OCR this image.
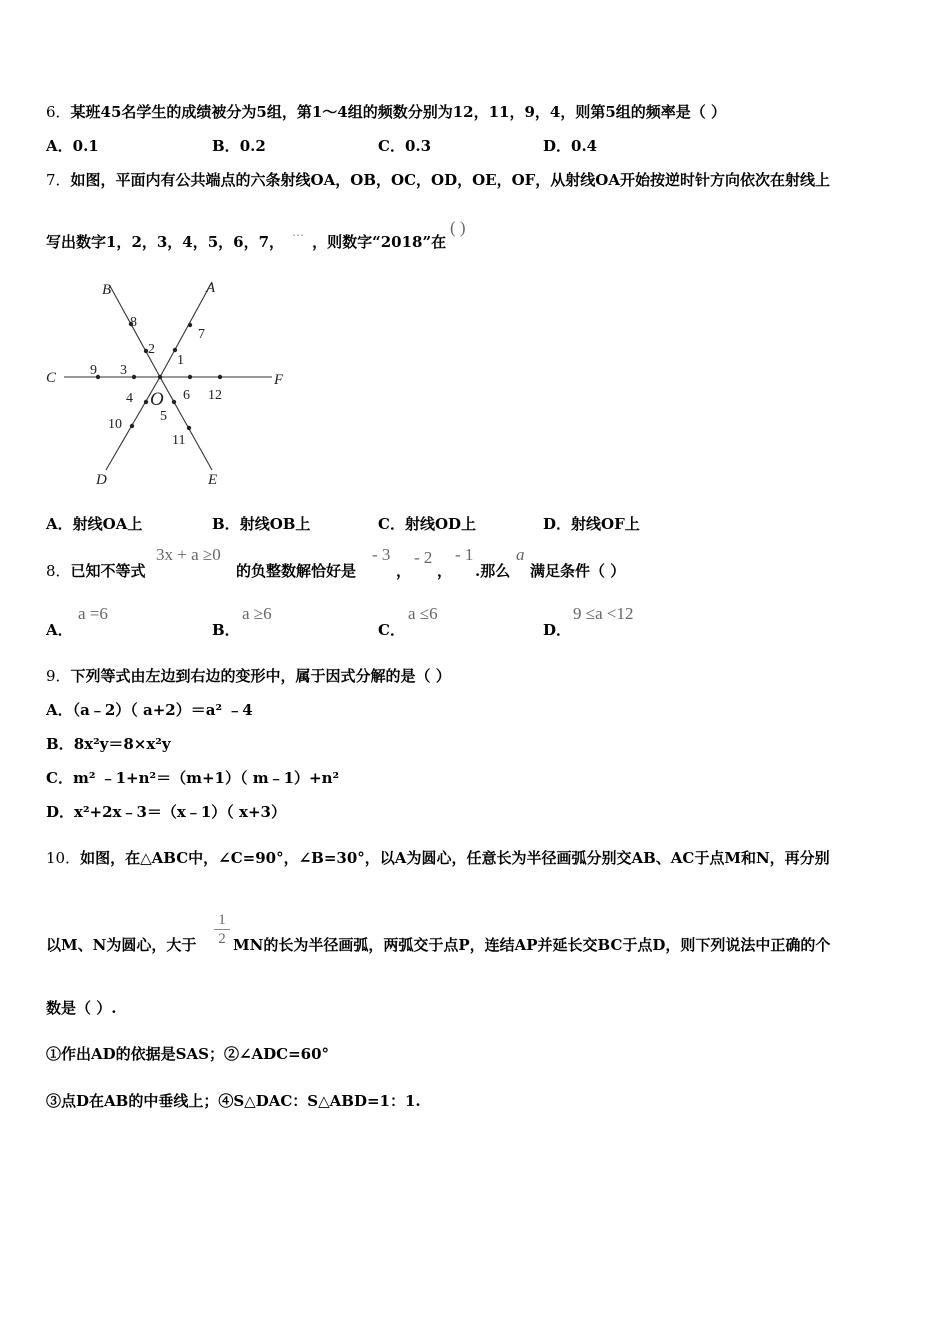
6．某班45名学生的成绩被分为5组，第1～4组的频数分别为12，11，9，4，则第5组的频率是（ ）
A．0.1	B．0.2	C．0.3	D．0.4
7．如图，平面内有公共端点的六条射线OA，OB，OC，OD，OE，OF，从射线OA开始按逆时针方向依次在射线上
写出数字1，2，3，4，5，6，7， ⋯ ，则数字“2018”在
( )
A
B
C
D	E
F
O
1
2
3
4
5
6
7
8
9
10
11
12
A．射线OA上	B．射线OB上	C．射线OD上	D．射线OF上
8．已知不等式
3x + a ≥0
的负整数解恰好是
- 3
，
- 2
，
- 1
.那么
a
满足条件（ ）
A．
a =6
B．
a ≥6
C．
a ≤6
D．
9 ≤a <12
9．下列等式由左边到右边的变形中，属于因式分解的是（ ）
A．（a﹣2）（ a+2）＝a² ﹣4
B．8x²y＝8×x²y
C．m² ﹣1+n²＝（m+1）（ m﹣1）+n²
D．x²+2x﹣3＝（x﹣1）（ x+3）
10．如图，在△ABC中，∠C=90°，∠B=30°，以A为圆心，任意长为半径画弧分别交AB、AC于点M和N，再分别
以M、N为圆心，大于 $\frac{1}{2}$ MN的长为半径画弧，两弧交于点P，连结AP并延长交BC于点D，则下列说法中正确的个
数是（ ）.
①作出AD的依据是SAS；②∠ADC=60°
③点D在AB的中垂线上；④S△DAC：S△ABD=1：1.
